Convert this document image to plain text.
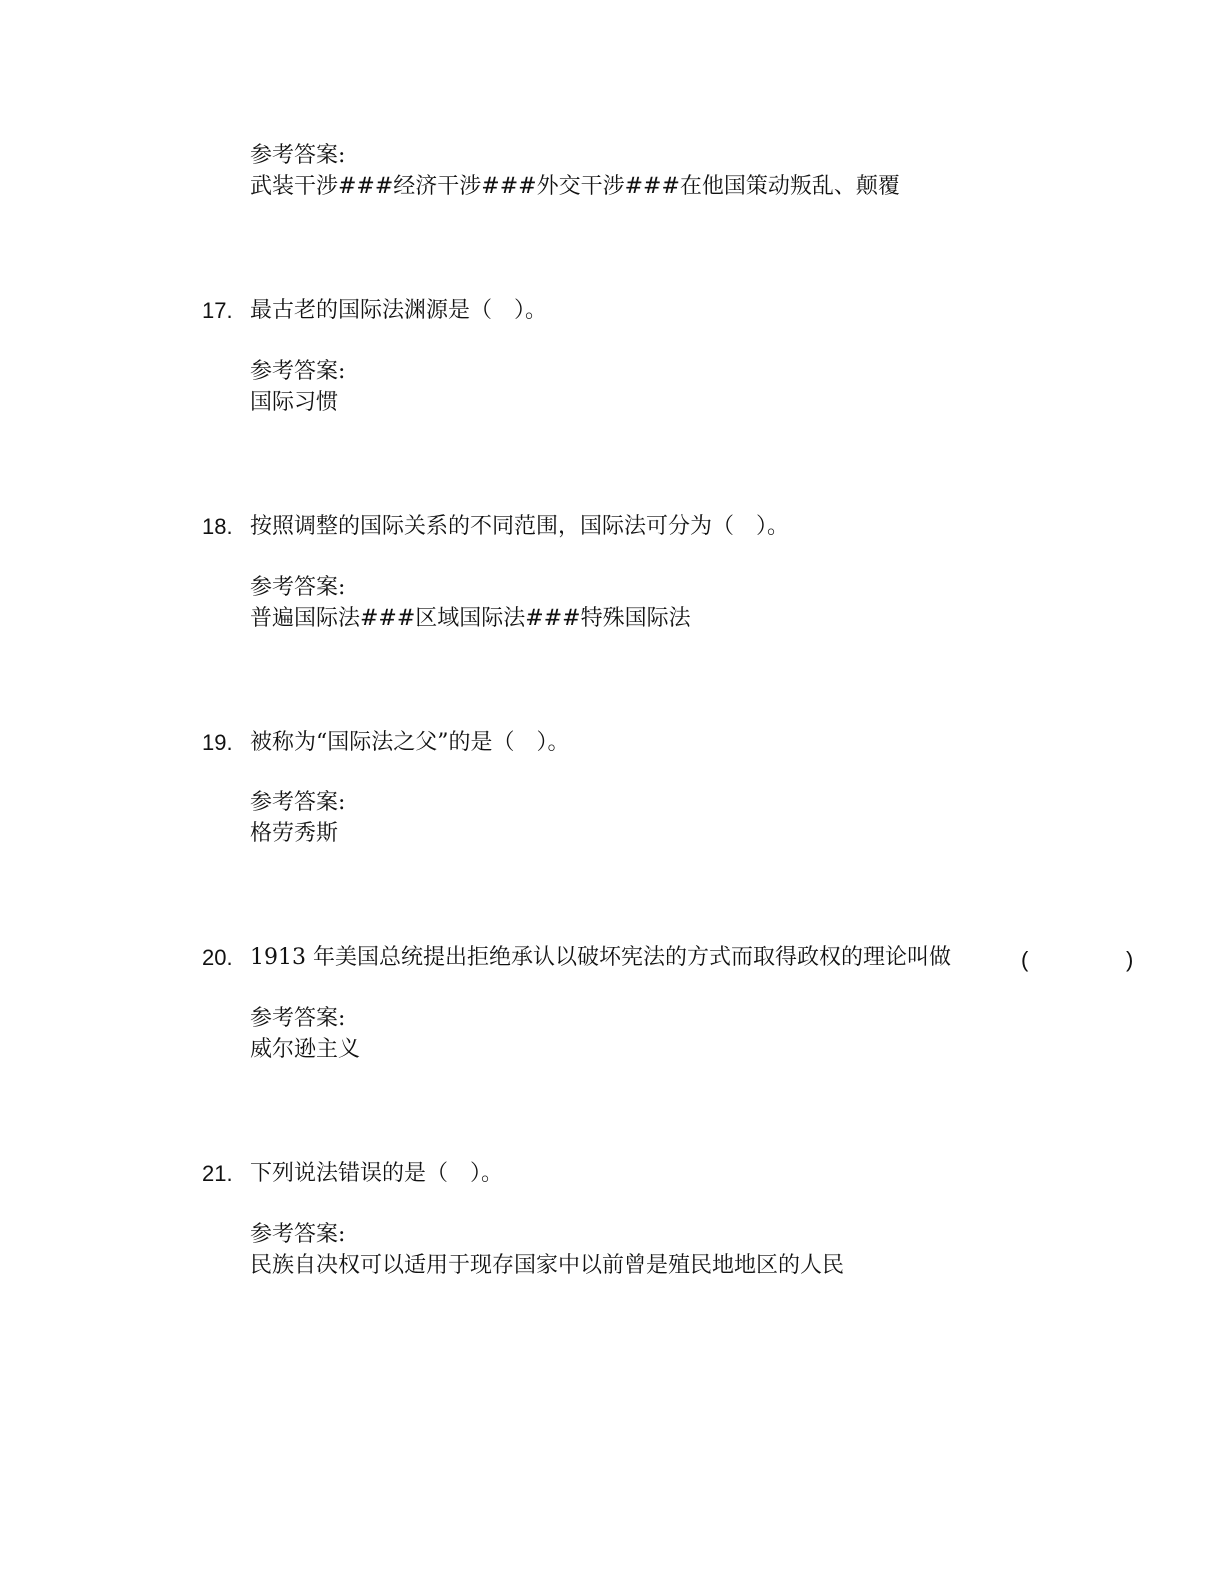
参考答案:
武装干涉###经济干涉###外交干涉###在他国策动叛乱、颠覆
17. 最古老的国际法渊源是（　）。
参考答案:
国际习惯
18. 按照调整的国际关系的不同范围，国际法可分为（　）。
参考答案:
普遍国际法###区域国际法###特殊国际法
19. 被称为“国际法之父”的是（　）。
参考答案:
格劳秀斯
20. 1913 年美国总统提出拒绝承认以破坏宪法的方式而取得政权的理论叫做	(	)
参考答案:
威尔逊主义
21. 下列说法错误的是（　）。
参考答案:
民族自决权可以适用于现存国家中以前曾是殖民地地区的人民
